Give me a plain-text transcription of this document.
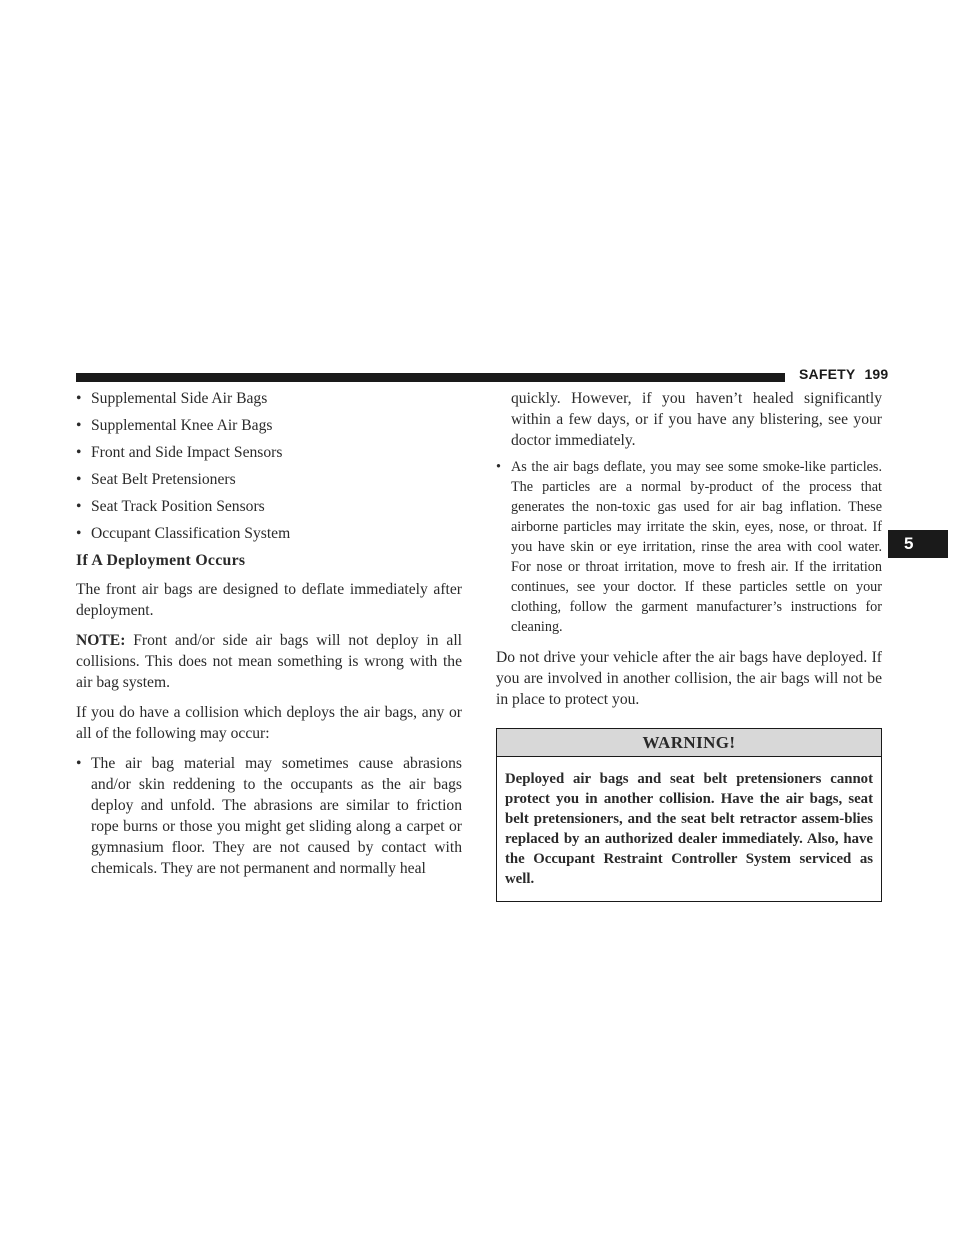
SAFETY 199
5
• Supplemental Side Air Bags
• Supplemental Knee Air Bags
• Front and Side Impact Sensors
• Seat Belt Pretensioners
• Seat Track Position Sensors
• Occupant Classification System
If A Deployment Occurs

The front air bags are designed to deflate immediately after deployment.

NOTE: Front and/or side air bags will not deploy in all collisions. This does not mean something is wrong with the air bag system.

If you do have a collision which deploys the air bags, any or all of the following may occur:

• The air bag material may sometimes cause abrasions and/or skin reddening to the occupants as the air bags deploy and unfold. The abrasions are similar to friction rope burns or those you might get sliding along a carpet or gymnasium floor. They are not caused by contact with chemicals. They are not permanent and normally heal
quickly. However, if you haven’t healed significantly within a few days, or if you have any blistering, see your doctor immediately.
• As the air bags deflate, you may see some smoke-like particles. The particles are a normal by-product of the process that generates the non-toxic gas used for air bag inflation. These airborne particles may irritate the skin, eyes, nose, or throat. If you have skin or eye irritation, rinse the area with cool water. For nose or throat irritation, move to fresh air. If the irritation continues, see your doctor. If these particles settle on your clothing, follow the garment manufacturer’s instructions for cleaning.

Do not drive your vehicle after the air bags have deployed. If you are involved in another collision, the air bags will not be in place to protect you.

WARNING!
Deployed air bags and seat belt pretensioners cannot protect you in another collision. Have the air bags, seat belt pretensioners, and the seat belt retractor assem-blies replaced by an authorized dealer immediately. Also, have the Occupant Restraint Controller System serviced as well.
